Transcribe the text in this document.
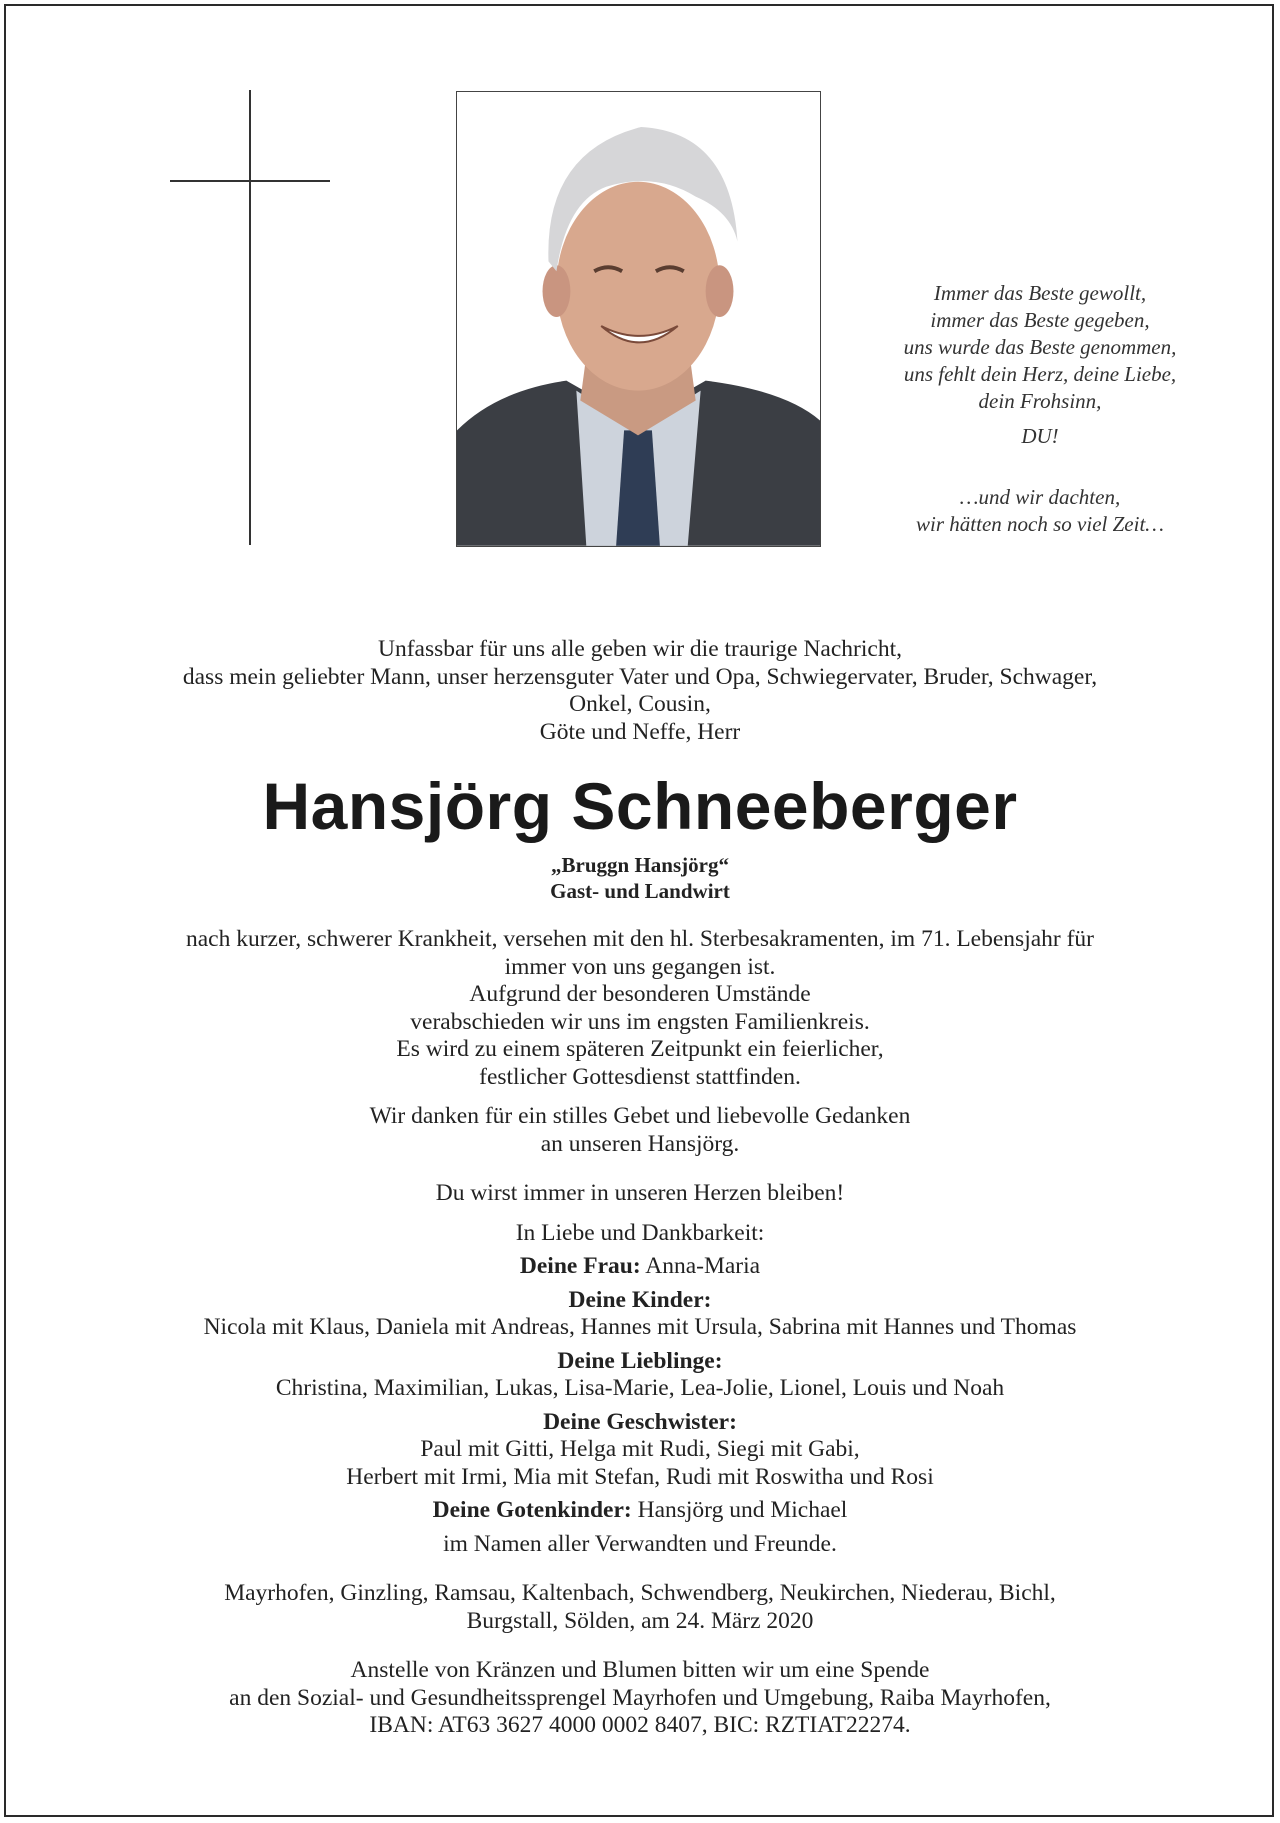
Immer das Beste gewollt,
immer das Beste gegeben,
uns wurde das Beste genommen,
uns fehlt dein Herz, deine Liebe,
dein Frohsinn,
DU!
…und wir dachten,
wir hätten noch so viel Zeit…
Unfassbar für uns alle geben wir die traurige Nachricht,
dass mein geliebter Mann, unser herzensguter Vater und Opa, Schwiegervater, Bruder, Schwager,
Onkel, Cousin,
Göte und Neffe, Herr
Hansjörg Schneeberger
„Bruggn Hansjörg“
Gast- und Landwirt
nach kurzer, schwerer Krankheit, versehen mit den hl. Sterbesakramenten, im 71. Lebensjahr für
immer von uns gegangen ist.
Aufgrund der besonderen Umstände
verabschieden wir uns im engsten Familienkreis.
Es wird zu einem späteren Zeitpunkt ein feierlicher,
festlicher Gottesdienst stattfinden.
Wir danken für ein stilles Gebet und liebevolle Gedanken
an unseren Hansjörg.
Du wirst immer in unseren Herzen bleiben!
In Liebe und Dankbarkeit:
Deine Frau: Anna-Maria
Deine Kinder:
Nicola mit Klaus, Daniela mit Andreas, Hannes mit Ursula, Sabrina mit Hannes und Thomas
Deine Lieblinge:
Christina, Maximilian, Lukas, Lisa-Marie, Lea-Jolie, Lionel, Louis und Noah
Deine Geschwister:
Paul mit Gitti, Helga mit Rudi, Siegi mit Gabi,
Herbert mit Irmi, Mia mit Stefan, Rudi mit Roswitha und Rosi
Deine Gotenkinder: Hansjörg und Michael
im Namen aller Verwandten und Freunde.
Mayrhofen, Ginzling, Ramsau, Kaltenbach, Schwendberg, Neukirchen, Niederau, Bichl,
Burgstall, Sölden, am 24. März 2020
Anstelle von Kränzen und Blumen bitten wir um eine Spende
an den Sozial- und Gesundheitssprengel Mayrhofen und Umgebung, Raiba Mayrhofen,
IBAN: AT63 3627 4000 0002 8407, BIC: RZTIAT22274.
